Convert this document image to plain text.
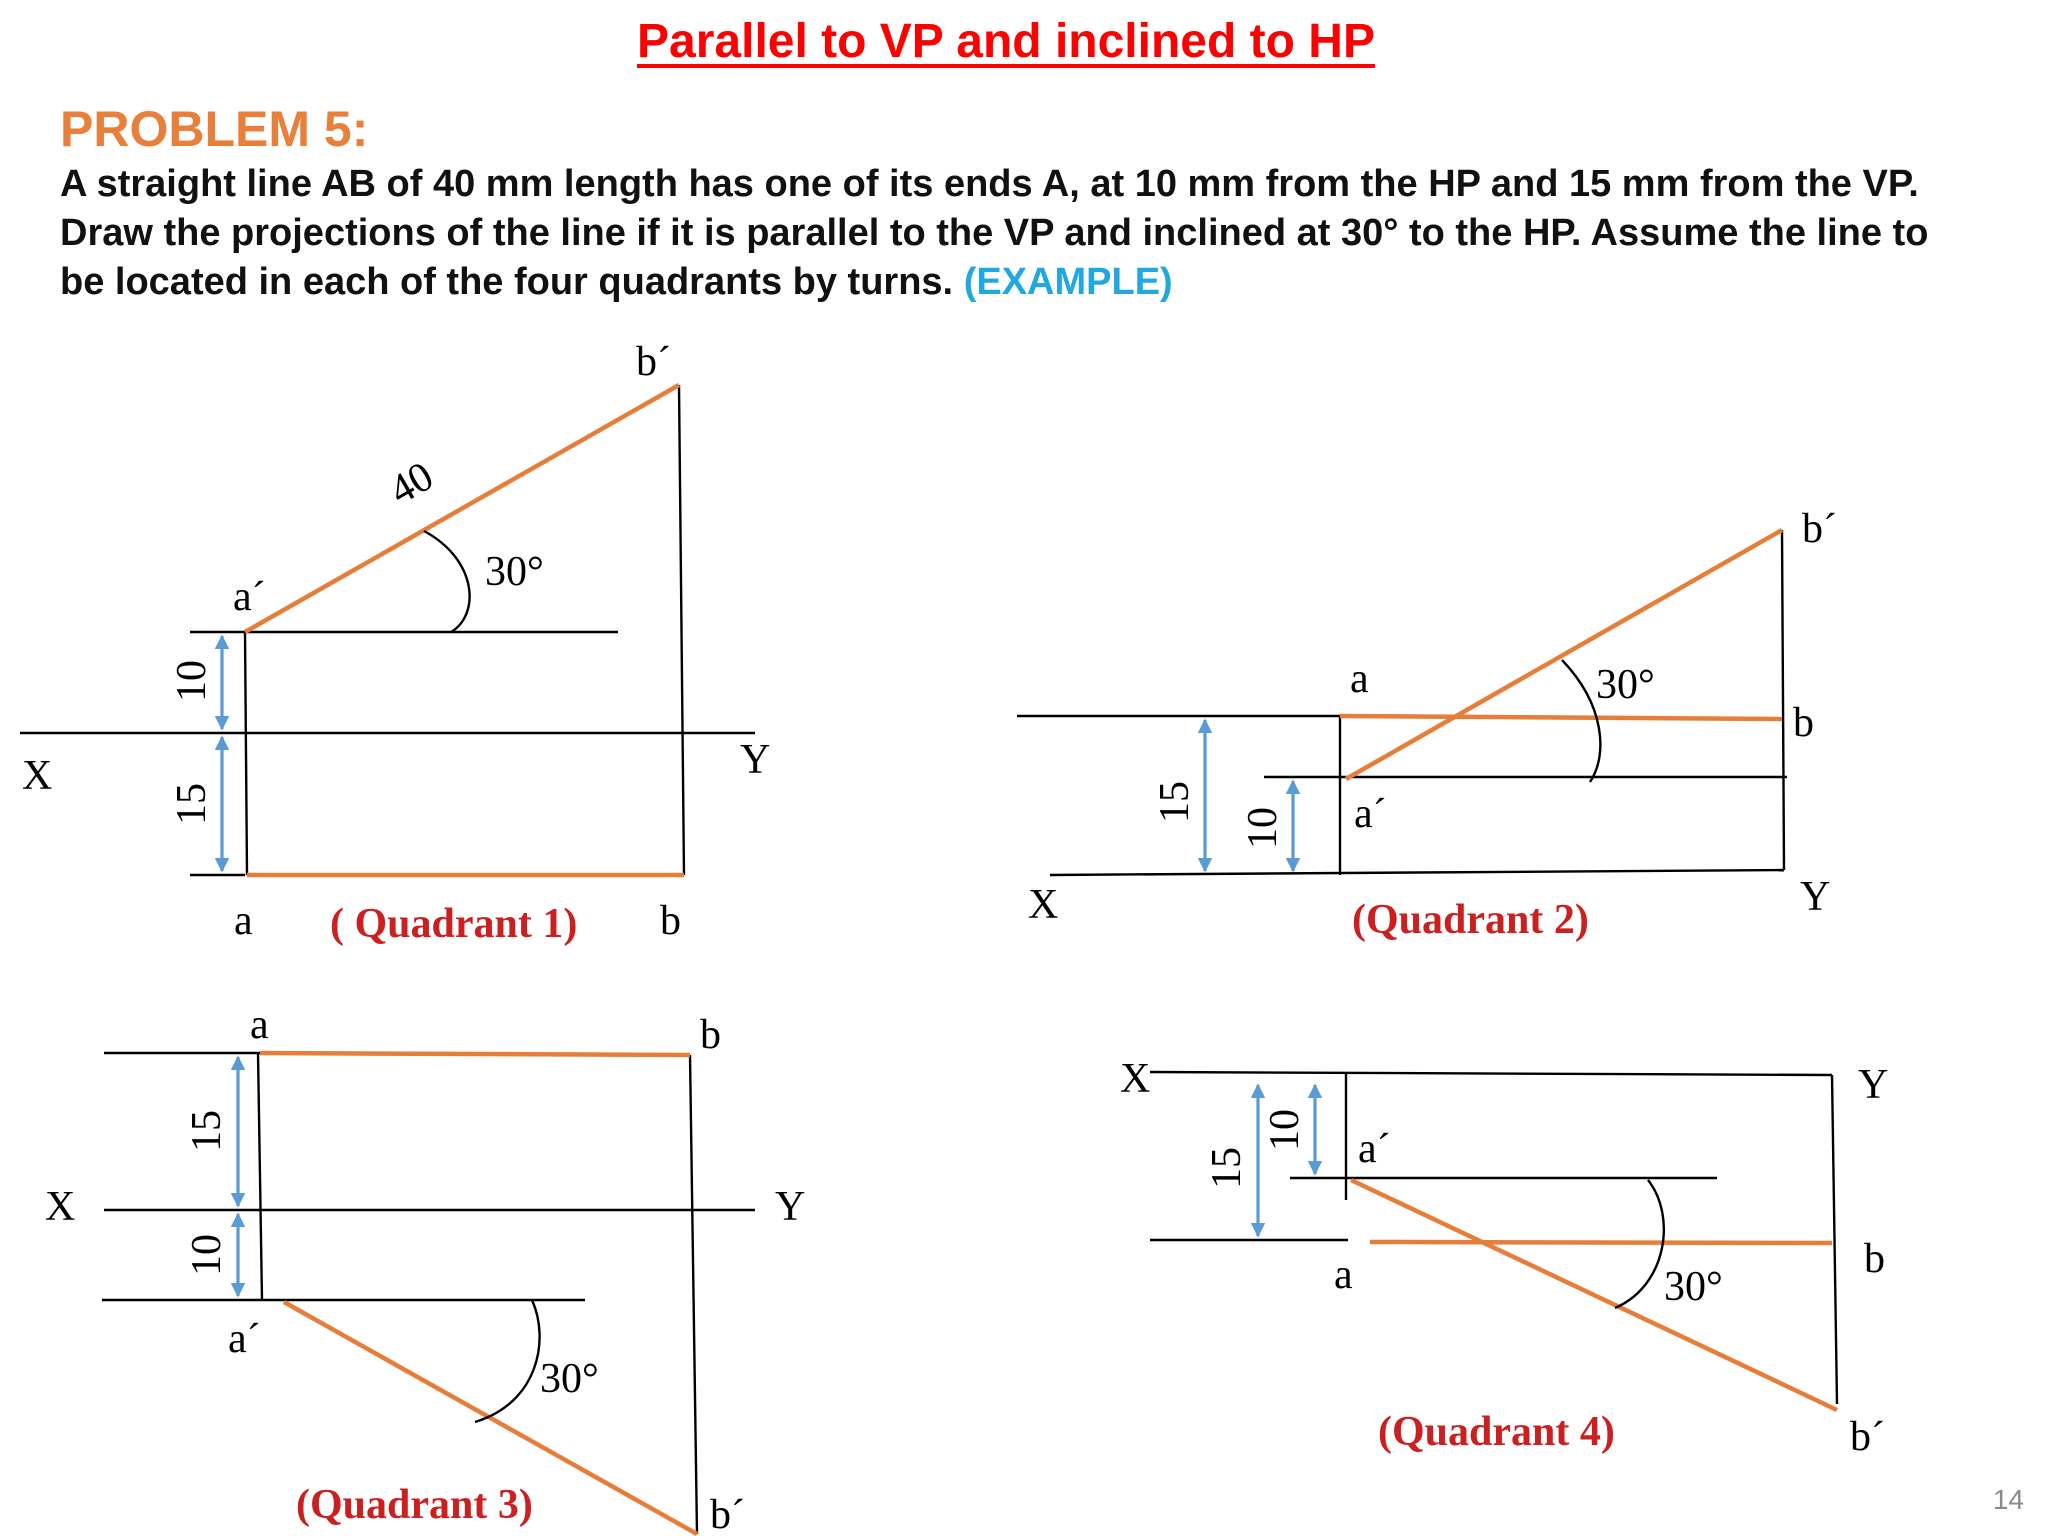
Parallel to VP and inclined to HP
PROBLEM 5:

A straight line AB of 40 mm length has one of its ends A, at 10 mm from the HP and 15 mm from the VP. Draw the projections of the line if it is parallel to the VP and inclined at 30° to the HP. Assume the line to be located in each of the four quadrants by turns. (EXAMPLE)

b´
40
30°
a´
10
15
X	Y
a	b
( Quadrant 1)
b´
a	30°
b
a´
15
10
X	Y
(Quadrant 2)
a	b
15
10
X	Y
a´
30°
(Quadrant 3)	b´
X	Y
15
10 a´
a	b
30°
(Quadrant 4)	b´
14
